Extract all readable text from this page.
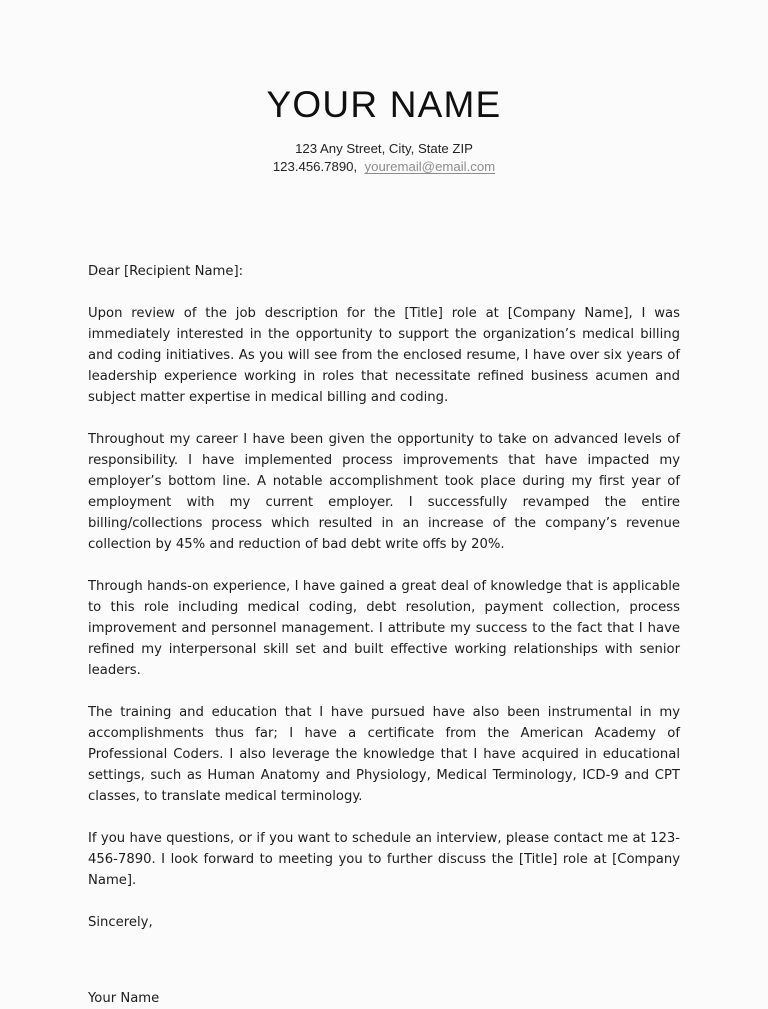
YOUR NAME
123 Any Street, City, State ZIP
123.456.7890, youremail@email.com

Dear [Recipient Name]:

Upon review of the job description for the [Title] role at [Company Name], I was immediately interested in the opportunity to support the organization’s medical billing and coding initiatives. As you will see from the enclosed resume, I have over six years of leadership experience working in roles that necessitate refined business acumen and subject matter expertise in medical billing and coding.

Throughout my career I have been given the opportunity to take on advanced levels of responsibility. I have implemented process improvements that have impacted my employer’s bottom line. A notable accomplishment took place during my first year of employment with my current employer. I successfully revamped the entire billing/collections process which resulted in an increase of the company’s revenue collection by 45% and reduction of bad debt write offs by 20%.

Through hands-on experience, I have gained a great deal of knowledge that is applicable to this role including medical coding, debt resolution, payment collection, process improvement and personnel management. I attribute my success to the fact that I have refined my interpersonal skill set and built effective working relationships with senior leaders.

The training and education that I have pursued have also been instrumental in my accomplishments thus far; I have a certificate from the American Academy of Professional Coders. I also leverage the knowledge that I have acquired in educational settings, such as Human Anatomy and Physiology, Medical Terminology, ICD-9 and CPT classes, to translate medical terminology.

If you have questions, or if you want to schedule an interview, please contact me at 123-456-7890. I look forward to meeting you to further discuss the [Title] role at [Company Name].

Sincerely,

Your Name
